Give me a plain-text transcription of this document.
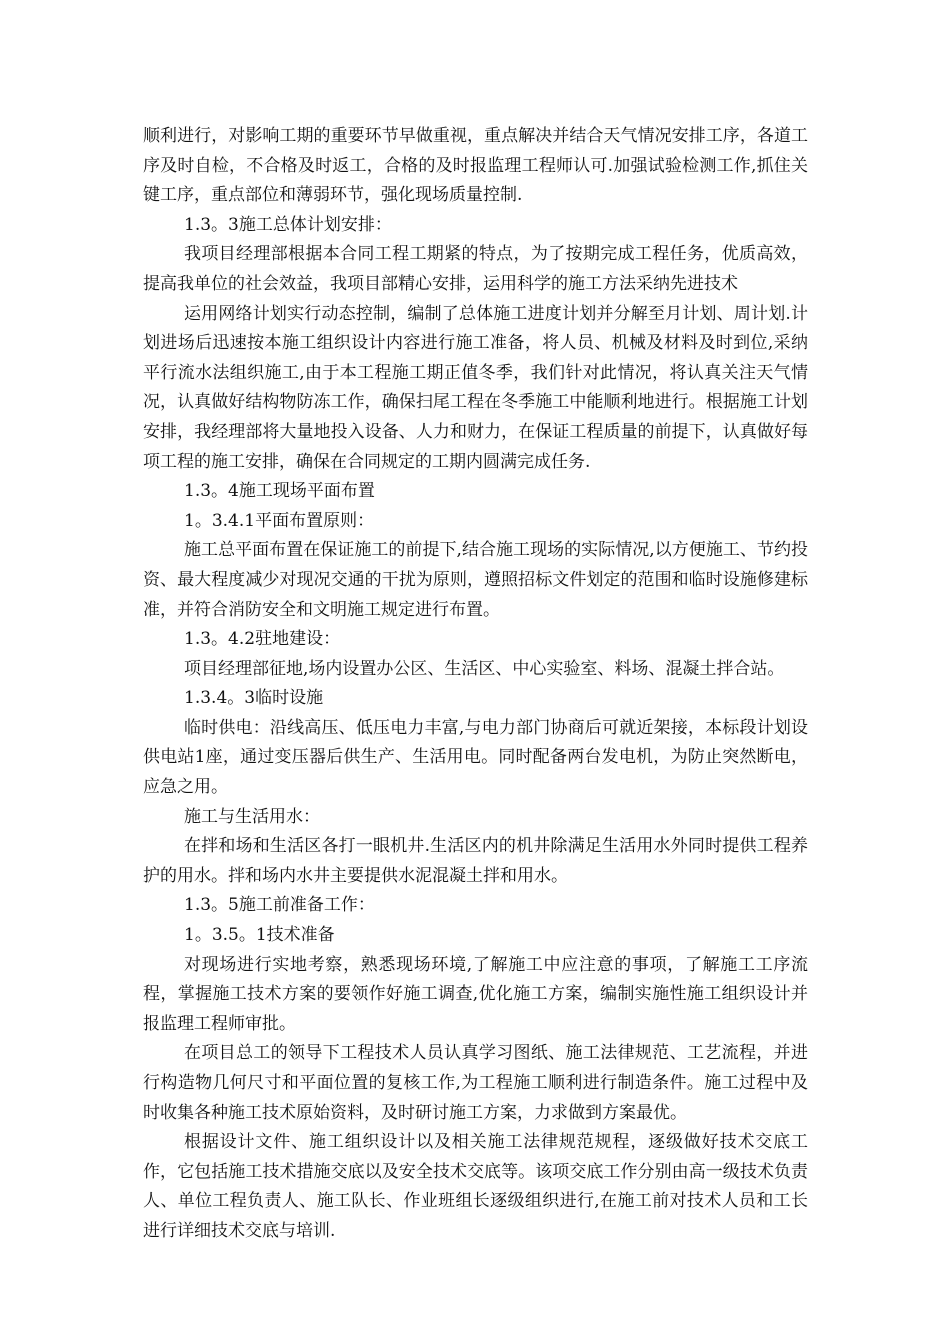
顺利进行，对影响工期的重要环节早做重视，重点解决并结合天气情况安排工序，各道工序及时自检，不合格及时返工，合格的及时报监理工程师认可.加强试验检测工作,抓住关键工序，重点部位和薄弱环节，强化现场质量控制.

1.3。3施工总体计划安排：

我项目经理部根据本合同工程工期紧的特点，为了按期完成工程任务，优质高效，提高我单位的社会效益，我项目部精心安排，运用科学的施工方法采纳先进技术

运用网络计划实行动态控制，编制了总体施工进度计划并分解至月计划、周计划.计划进场后迅速按本施工组织设计内容进行施工准备，将人员、机械及材料及时到位,采纳平行流水法组织施工,由于本工程施工期正值冬季，我们针对此情况，将认真关注天气情况，认真做好结构物防冻工作，确保扫尾工程在冬季施工中能顺利地进行。根据施工计划安排，我经理部将大量地投入设备、人力和财力，在保证工程质量的前提下，认真做好每项工程的施工安排，确保在合同规定的工期内圆满完成任务.

1.3。4施工现场平面布置

1。3.4.1平面布置原则：

施工总平面布置在保证施工的前提下,结合施工现场的实际情况,以方便施工、节约投资、最大程度减少对现况交通的干扰为原则，遵照招标文件划定的范围和临时设施修建标准，并符合消防安全和文明施工规定进行布置。

1.3。4.2驻地建设：

项目经理部征地,场内设置办公区、生活区、中心实验室、料场、混凝土拌合站。

1.3.4。3临时设施

临时供电：沿线高压、低压电力丰富,与电力部门协商后可就近架接，本标段计划设供电站1座，通过变压器后供生产、生活用电。同时配备两台发电机，为防止突然断电，应急之用。

施工与生活用水：

在拌和场和生活区各打一眼机井.生活区内的机井除满足生活用水外同时提供工程养护的用水。拌和场内水井主要提供水泥混凝土拌和用水。

1.3。5施工前准备工作：

1。3.5。1技术准备

对现场进行实地考察，熟悉现场环境,了解施工中应注意的事项，了解施工工序流程，掌握施工技术方案的要领作好施工调查,优化施工方案，编制实施性施工组织设计并报监理工程师审批。

在项目总工的领导下工程技术人员认真学习图纸、施工法律规范、工艺流程，并进行构造物几何尺寸和平面位置的复核工作,为工程施工顺利进行制造条件。施工过程中及时收集各种施工技术原始资料，及时研讨施工方案，力求做到方案最优。

根据设计文件、施工组织设计以及相关施工法律规范规程，逐级做好技术交底工作，它包括施工技术措施交底以及安全技术交底等。该项交底工作分别由高一级技术负责人、单位工程负责人、施工队长、作业班组长逐级组织进行,在施工前对技术人员和工长进行详细技术交底与培训.
